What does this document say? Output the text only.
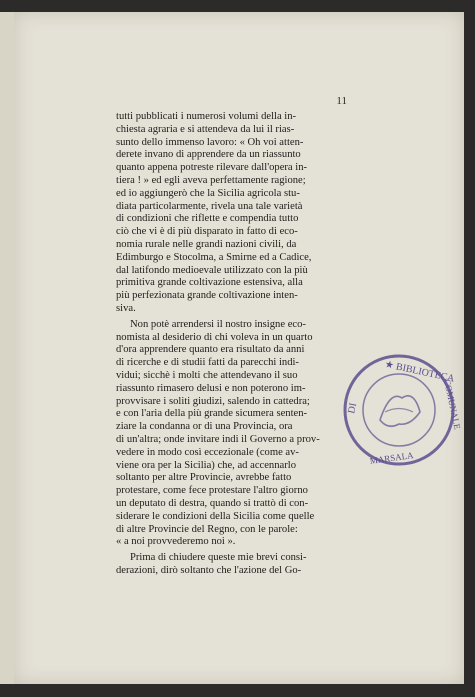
11

tutti pubblicati i numerosi volumi della in-
chiesta agraria e si attendeva da lui il rias-
sunto dello immenso lavoro: « Oh voi atten-
derete invano di apprendere da un riassunto
quanto appena potreste rilevare dall'opera in-
tiera ! » ed egli aveva perfettamente ragione;
ed io aggiungerò che la Sicilia agricola stu-
diata particolarmente, rivela una tale varietà
di condizioni che riflette e compendia tutto
ciò che vi è di più disparato in fatto di eco-
nomia rurale nelle grandi nazioni civili, da
Edimburgo e Stocolma, a Smirne ed a Cadice,
dal latifondo medioevale utilizzato con la più
primitiva grande coltivazione estensiva, alla
più perfezionata grande coltivazione inten-
siva.

Non potè arrendersi il nostro insigne eco-
nomista al desiderio di chi voleva in un quarto
d'ora apprendere quanto era risultato da anni
di ricerche e di studii fatti da parecchi indi-
vidui; sicchè i molti che attendevano il suo
riassunto rimasero delusi e non poterono im-
provvisare i soliti giudizi, salendo in cattedra;
e con l'aria della più grande sicumera senten-
ziare la condanna or di una Provincia, ora
di un'altra; onde invitare indi il Governo a prov-
vedere in modo così eccezionale (come av-
viene ora per la Sicilia) che, ad accennarlo
soltanto per altre Provincie, avrebbe fatto
protestare, come fece protestare l'altro giorno
un deputato di destra, quando si trattò di con-
siderare le condizioni della Sicilia come quelle
di altre Provincie del Regno, con le parole:
« a noi provvederemo noi ».

Prima di chiudere queste mie brevi consi-
derazioni, dirò soltanto che l'azione del Go-

★ BIBLIOTECA
DI	COMUNALE
MARSALA
